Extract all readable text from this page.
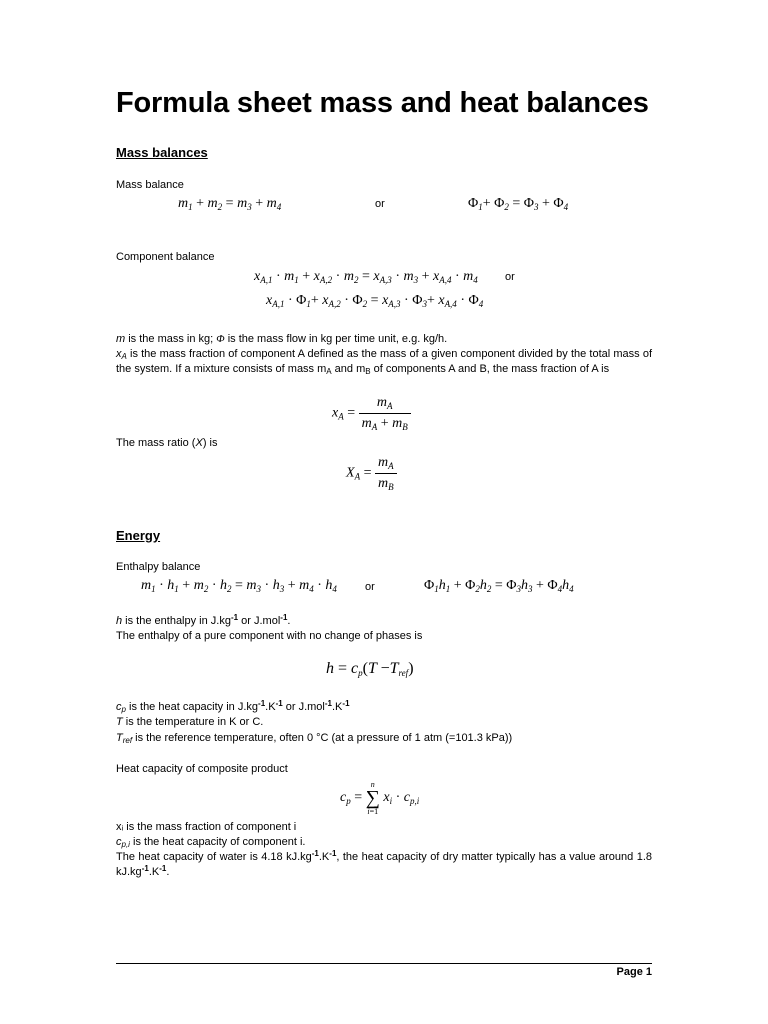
Formula sheet mass and heat balances
Mass balances
Mass balance
$m_1 + m_2 = m_3 + m_4$	or	$\Phi_1+ \Phi_2 = \Phi_3 + \Phi_4$
Component balance
$x_{A,1} \cdot m_1 + x_{A,2} \cdot m_2 = x_{A,3} \cdot m_3 + x_{A,4} \cdot m_4$ or
$x_{A,1} \cdot \Phi_1+ x_{A,2} \cdot \Phi_2 = x_{A,3} \cdot \Phi_3+ x_{A,4} \cdot \Phi_4$
m is the mass in kg; Φ is the mass flow in kg per time unit, e.g. kg/h.
$x_A$ is the mass fraction of component A defined as the mass of a given component divided by the total mass of the system. If a mixture consists of mass $m_A$ and $m_B$ of components A and B, the mass fraction of A is
$x_A = \frac{m_A}{m_A + m_B}$
The mass ratio (X) is
$X_A = \frac{m_A}{m_B}$
Energy
Enthalpy balance
$m_1 \cdot h_1 + m_2 \cdot h_2 = m_3 \cdot h_3 + m_4 \cdot h_4$	or	$\Phi_1h_1 + \Phi_2h_2 = \Phi_3h_3 + \Phi_4h_4$
h is the enthalpy in $J.kg^{-1}$ or J.mol$^{-1}$.
The enthalpy of a pure component with no change of phases is
$h = c_p(T -T_{ref})$
$c_p$ is the heat capacity in $J.kg^{-1}.K^{-1}$ or $J.mol^{-1}.K^{-1}$
T is the temperature in K or C.
$T_{ref}$ is the reference temperature, often 0 °C (at a pressure of 1 atm (=101.3 kPa))
Heat capacity of composite product
$c_p$ =
n
∑
i=1
$x_i \cdot c_{p,i}$
xᵢ is the mass fraction of component i
$c_{p,i}$ is the heat capacity of component i.
The heat capacity of water is 4.18 $kJ.kg^{-1}.K^{-1}$, the heat capacity of dry matter typically has a value around 1.8 $kJ.kg^{-1}.K^{-1}$.
Page 1
